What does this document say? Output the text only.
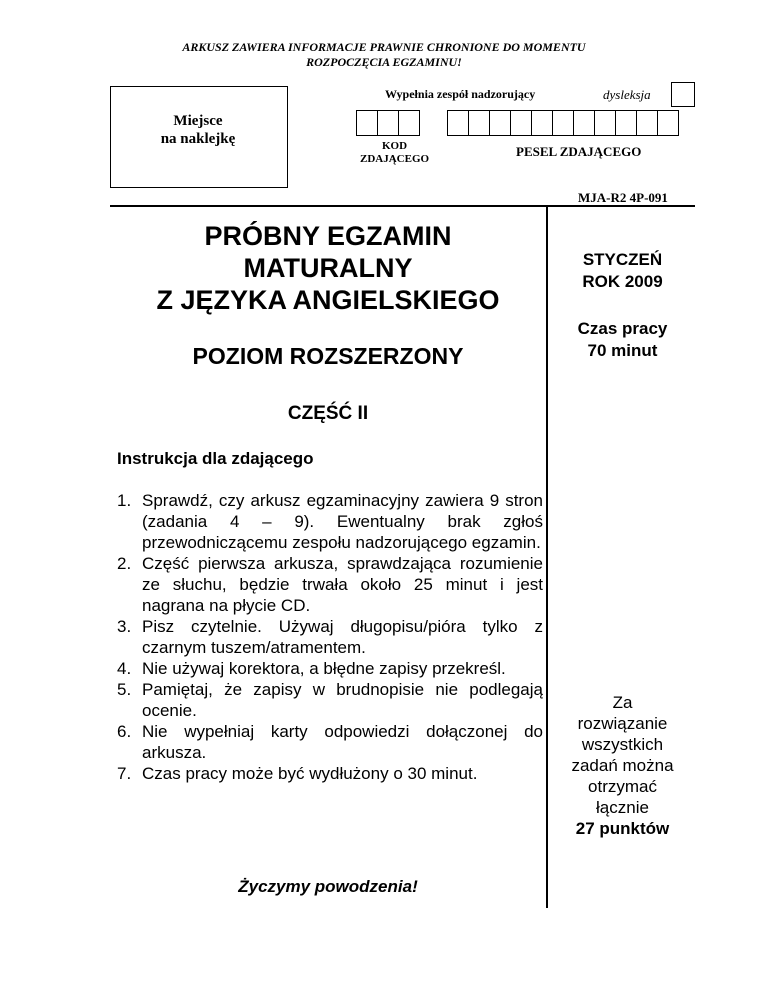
ARKUSZ ZAWIERA INFORMACJE PRAWNIE CHRONIONE DO MOMENTU
ROZPOCZĘCIA EGZAMINU!
Miejsce
na naklejkę
Wypełnia zespół nadzorujący	dysleksja
KOD
ZDAJĄCEGO	PESEL ZDAJĄCEGO
MJA-R2 4P-091
PRÓBNY EGZAMIN
MATURALNY
Z JĘZYKA ANGIELSKIEGO
POZIOM ROZSZERZONY
CZĘŚĆ II
STYCZEŃ
ROK 2009
Czas pracy
70 minut
Za
rozwiązanie
wszystkich
zadań można
otrzymać
łącznie
27 punktów
Instrukcja dla zdającego
1. Sprawdź, czy arkusz egzaminacyjny zawiera 9 stron (zadania 4 – 9). Ewentualny brak zgłoś przewodniczącemu zespołu nadzorującego egzamin.
2. Część pierwsza arkusza, sprawdzająca rozumienie ze słuchu, będzie trwała około 25 minut i jest nagrana na płycie CD.
3. Pisz czytelnie. Używaj długopisu/pióra tylko z czarnym tuszem/atramentem.
4. Nie używaj korektora, a błędne zapisy przekreśl.
5. Pamiętaj, że zapisy w brudnopisie nie podlegają ocenie.
6. Nie wypełniaj karty odpowiedzi dołączonej do arkusza.
7. Czas pracy może być wydłużony o 30 minut.
Życzymy powodzenia!
